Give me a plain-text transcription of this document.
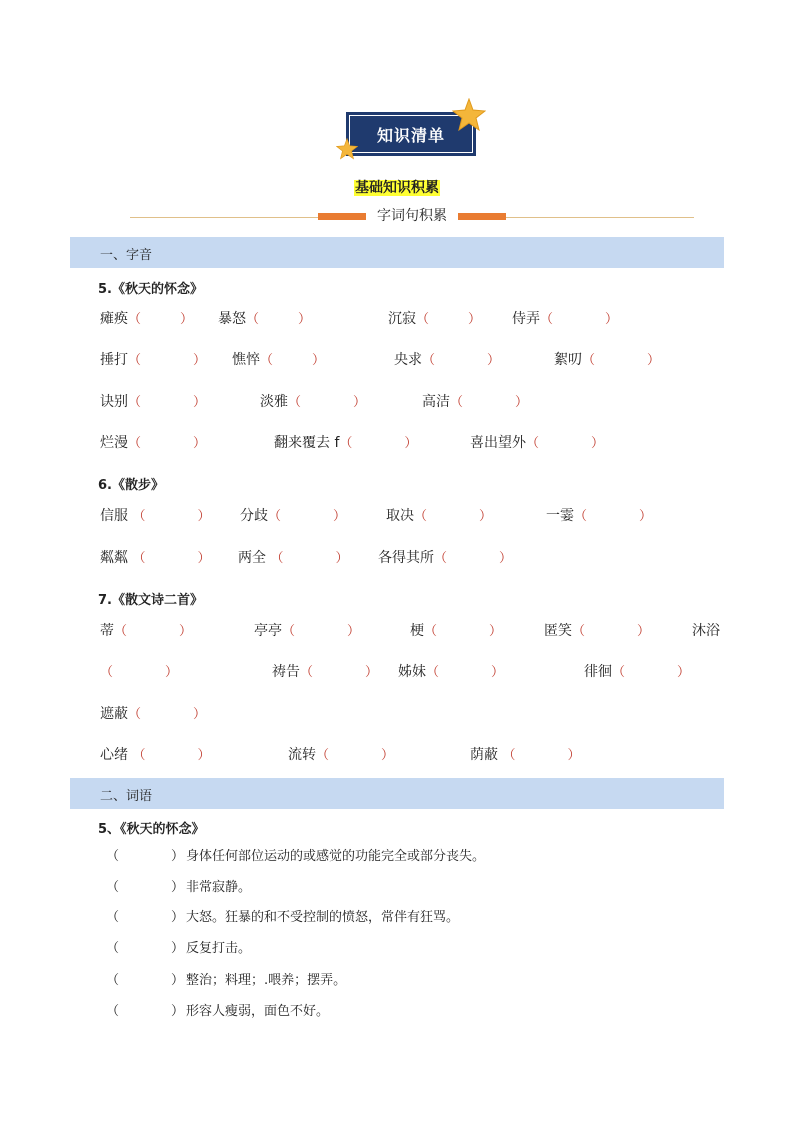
知识清单
基础知识积累
字词句积累
一、字音
5.《秋天的怀念》
瘫痪（　　　） 暴怒（　　　）	沉寂（　　　） 侍弄（　　　　）
捶打（　　　　） 憔悴（　　　）	央求（　　　　）	絮叨（　　　　）
诀别（　　　　）	淡雅（　　　　）	高洁（　　　　）
烂漫（　　　　）	翻来覆去 f（　　　　）	喜出望外（　　　　）
6.《散步》
信服 （　　　　） 分歧（　　　　）	取决（　　　　）	一霎（　　　　）
粼粼 （　　　　） 两全 （　　　　） 各得其所（　　　　）
7.《散文诗二首》
蒂（　　　　）	亭亭（　　　　）	梗（　　　　）	匿笑（　　　　）	沐浴
（　　　　）	祷告（　　　　） 姊妹（　　　　）	徘徊（　　　　）
遮蔽（　　　　）
心绪 （　　　　）	流转（　　　　）	荫蔽 （　　　　）
二、词语
5、《秋天的怀念》
（　　　　） 身体任何部位运动的或感觉的功能完全或部分丧失。
（　　　　） 非常寂静。
（　　　　） 大怒。狂暴的和不受控制的愤怒，常伴有狂骂。
（　　　　） 反复打击。
（　　　　） 整治；料理；.喂养；摆弄。
（　　　　） 形容人瘦弱，面色不好。
